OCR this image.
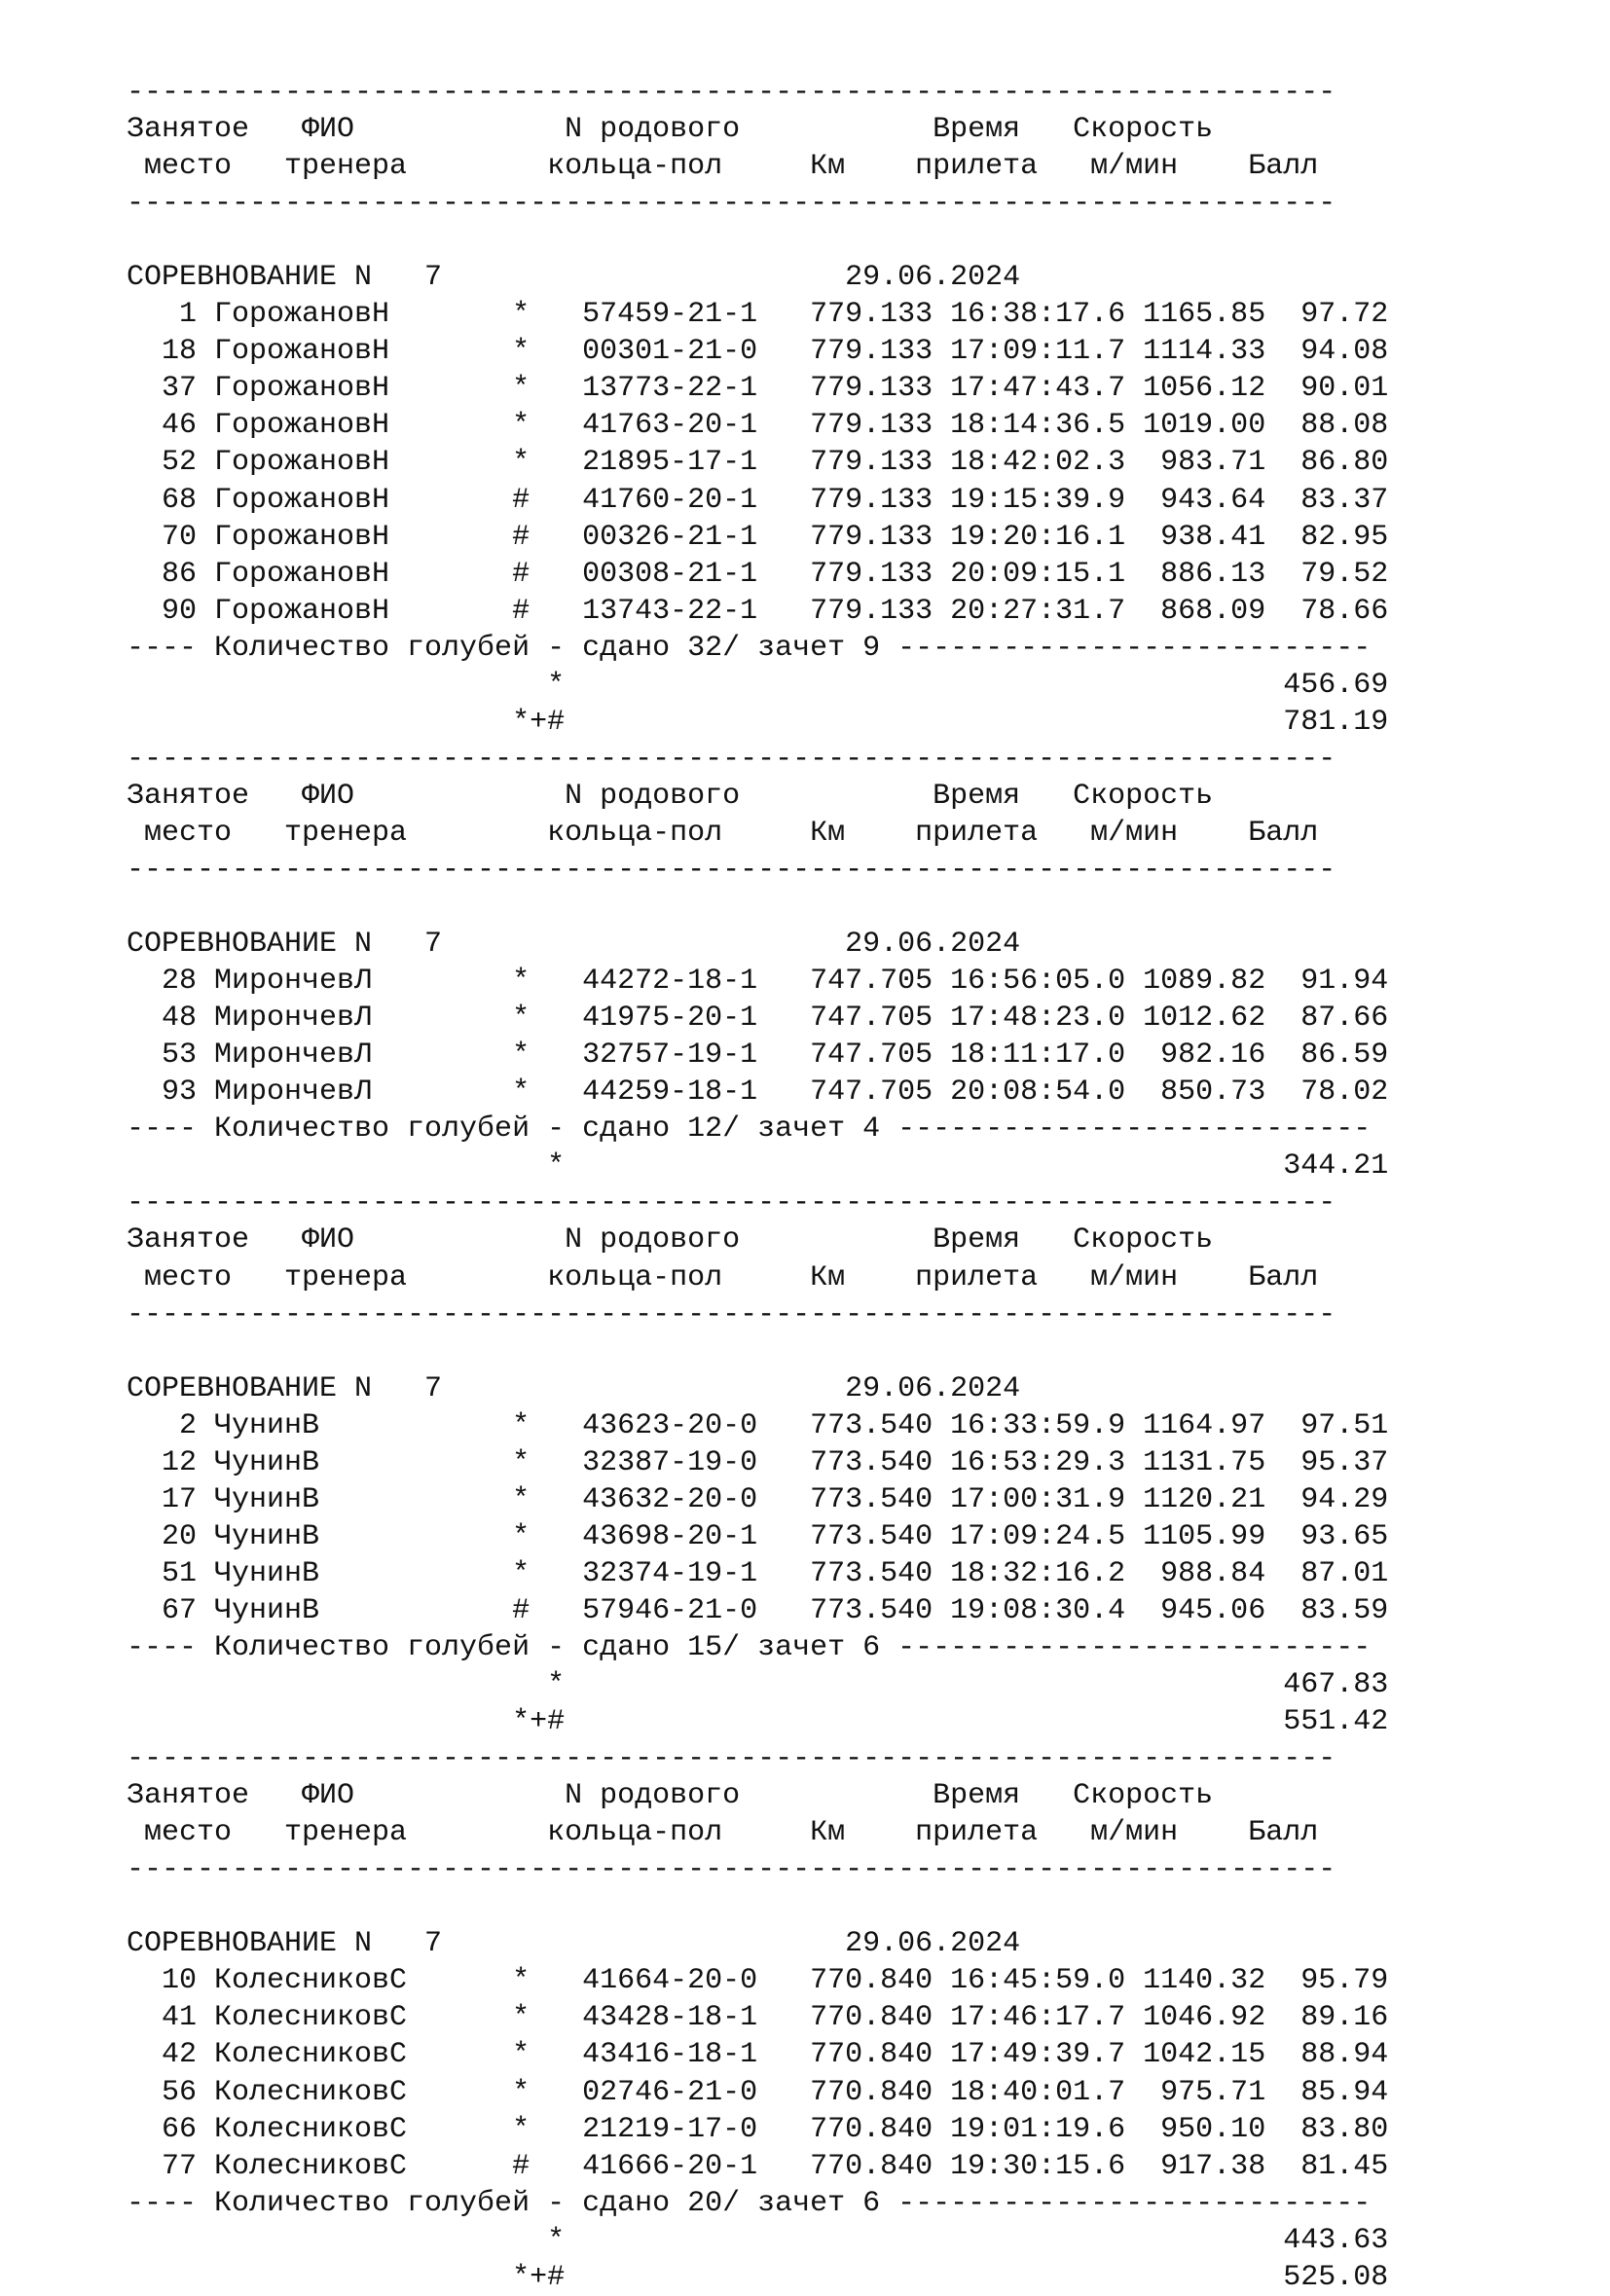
---------------------------------------------------------------------
Занятое   ФИО            N родового           Время   Скорость
место   тренера        кольца-пол     Км    прилета   м/мин    Балл
---------------------------------------------------------------------
СОРЕВНОВАНИЕ N   7                       29.06.2024
1 ГорожановН       *   57459-21-1   779.133 16:38:17.6 1165.85  97.72
18 ГорожановН       *   00301-21-0   779.133 17:09:11.7 1114.33  94.08
37 ГорожановН       *   13773-22-1   779.133 17:47:43.7 1056.12  90.01
46 ГорожановН       *   41763-20-1   779.133 18:14:36.5 1019.00  88.08
52 ГорожановН       *   21895-17-1   779.133 18:42:02.3  983.71  86.80
68 ГорожановН       #   41760-20-1   779.133 19:15:39.9  943.64  83.37
70 ГорожановН       #   00326-21-1   779.133 19:20:16.1  938.41  82.95
86 ГорожановН       #   00308-21-1   779.133 20:09:15.1  886.13  79.52
90 ГорожановН       #   13743-22-1   779.133 20:27:31.7  868.09  78.66
---- Количество голубей - сдано 32/ зачет 9 ---------------------------
*                                         456.69
*+#                                         781.19
---------------------------------------------------------------------
Занятое   ФИО            N родового           Время   Скорость
место   тренера        кольца-пол     Км    прилета   м/мин    Балл
---------------------------------------------------------------------
СОРЕВНОВАНИЕ N   7                       29.06.2024
28 МирончевЛ        *   44272-18-1   747.705 16:56:05.0 1089.82  91.94
48 МирончевЛ        *   41975-20-1   747.705 17:48:23.0 1012.62  87.66
53 МирончевЛ        *   32757-19-1   747.705 18:11:17.0  982.16  86.59
93 МирончевЛ        *   44259-18-1   747.705 20:08:54.0  850.73  78.02
---- Количество голубей - сдано 12/ зачет 4 ---------------------------
*                                         344.21
---------------------------------------------------------------------
Занятое   ФИО            N родового           Время   Скорость
место   тренера        кольца-пол     Км    прилета   м/мин    Балл
---------------------------------------------------------------------
СОРЕВНОВАНИЕ N   7                       29.06.2024
2 ЧунинВ           *   43623-20-0   773.540 16:33:59.9 1164.97  97.51
12 ЧунинВ           *   32387-19-0   773.540 16:53:29.3 1131.75  95.37
17 ЧунинВ           *   43632-20-0   773.540 17:00:31.9 1120.21  94.29
20 ЧунинВ           *   43698-20-1   773.540 17:09:24.5 1105.99  93.65
51 ЧунинВ           *   32374-19-1   773.540 18:32:16.2  988.84  87.01
67 ЧунинВ           #   57946-21-0   773.540 19:08:30.4  945.06  83.59
---- Количество голубей - сдано 15/ зачет 6 ---------------------------
*                                         467.83
*+#                                         551.42
---------------------------------------------------------------------
Занятое   ФИО            N родового           Время   Скорость
место   тренера        кольца-пол     Км    прилета   м/мин    Балл
---------------------------------------------------------------------
СОРЕВНОВАНИЕ N   7                       29.06.2024
10 КолесниковС      *   41664-20-0   770.840 16:45:59.0 1140.32  95.79
41 КолесниковС      *   43428-18-1   770.840 17:46:17.7 1046.92  89.16
42 КолесниковС      *   43416-18-1   770.840 17:49:39.7 1042.15  88.94
56 КолесниковС      *   02746-21-0   770.840 18:40:01.7  975.71  85.94
66 КолесниковС      *   21219-17-0   770.840 19:01:19.6  950.10  83.80
77 КолесниковС      #   41666-20-1   770.840 19:30:15.6  917.38  81.45
---- Количество голубей - сдано 20/ зачет 6 ---------------------------
*                                         443.63
*+#                                         525.08
